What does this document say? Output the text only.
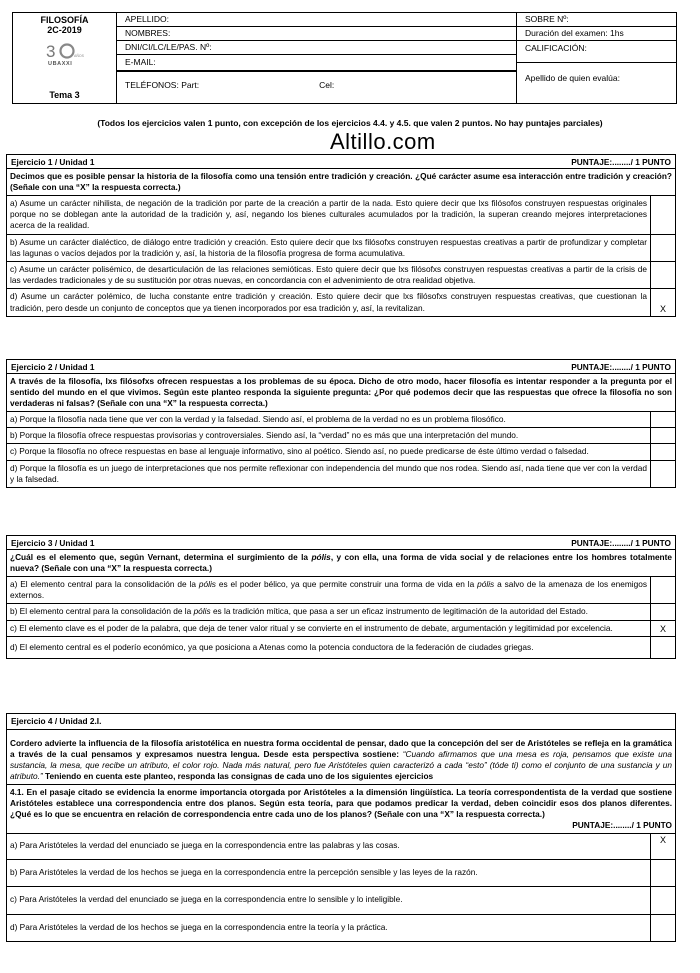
FILOSOFÍA
2C-2019
3	AÑOS
UBAXXI
Tema 3
APELLIDO:
NOMBRES:
DNI/CI/LC/LE/PAS. Nº:
E-MAIL:
TELÉFONOS: Part:	Cel:
SOBRE Nº:
Duración del examen: 1hs
CALIFICACIÓN:
Apellido de quien evalúa:
(Todos los ejercicios valen 1 punto, con excepción de los ejercicios 4.4. y 4.5. que valen 2 puntos. No hay puntajes parciales)
Altillo.com
Ejercicio 1 / Unidad 1	PUNTAJE:......../ 1 PUNTO
Decimos que es posible pensar la historia de la filosofía como una tensión entre tradición y creación. ¿Qué carácter asume esa interacción entre tradición y creación? (Señale con una “X” la respuesta correcta.)
a) Asume un carácter nihilista, de negación de la tradición por parte de la creación a partir de la nada. Esto quiere decir que lxs filósofos construyen respuestas originales porque no se doblegan ante la autoridad de la tradición y, así, negando los bienes culturales acumulados por la tradición, la superan creando mejores interpretaciones acerca de la realidad.
b) Asume un carácter dialéctico, de diálogo entre tradición y creación. Esto quiere decir que lxs filósofxs construyen respuestas creativas a partir de profundizar y completar las lagunas o vacíos dejados por la tradición y, así, la historia de la filosofía progresa de forma acumulativa.
c) Asume un carácter polisémico, de desarticulación de las relaciones semióticas. Esto quiere decir que lxs filósofxs construyen respuestas creativas a partir de la crisis de las verdades tradicionales y de su sustitución por otras nuevas, en concordancia con el advenimiento de otra realidad objetiva.
d) Asume un carácter polémico, de lucha constante entre tradición y creación. Esto quiere decir que lxs filósofxs construyen respuestas creativas, que cuestionan la tradición, pero desde un conjunto de conceptos que ya tienen incorporados por esa tradición y, así, la revitalizan.	X
Ejercicio 2 / Unidad 1	PUNTAJE:......../ 1 PUNTO
A través de la filosofía, lxs filósofxs ofrecen respuestas a los problemas de su época. Dicho de otro modo, hacer filosofía es intentar responder a la pregunta por el sentido del mundo en el que vivimos. Según este planteo responda la siguiente pregunta: ¿Por qué podemos decir que las respuestas que ofrece la filosofía no son verdaderas ni falsas? (Señale con una “X” la respuesta correcta.)
a) Porque la filosofía nada tiene que ver con la verdad y la falsedad. Siendo así, el problema de la verdad no es un problema filosófico.
b) Porque la filosofía ofrece respuestas provisorias y controversiales. Siendo así, la “verdad” no es más que una interpretación del mundo.
c) Porque la filosofía no ofrece respuestas en base al lenguaje informativo, sino al poético. Siendo así, no puede predicarse de éste último verdad o falsedad.
d) Porque la filosofía es un juego de interpretaciones que nos permite reflexionar con independencia del mundo que nos rodea. Siendo así, nada tiene que ver con la verdad y la falsedad.
Ejercicio 3 / Unidad 1	PUNTAJE:......../ 1 PUNTO
¿Cuál es el elemento que, según Vernant, determina el surgimiento de la pólis, y con ella, una forma de vida social y de relaciones entre los hombres totalmente nueva? (Señale con una “X” la respuesta correcta.)
a) El elemento central para la consolidación de la pólis es el poder bélico, ya que permite construir una forma de vida en la pólis a salvo de la amenaza de los enemigos externos.
b) El elemento central para la consolidación de la pólis es la tradición mítica, que pasa a ser un eficaz instrumento de legitimación de la autoridad del Estado.
c) El elemento clave es el poder de la palabra, que deja de tener valor ritual y se convierte en el instrumento de debate, argumentación y legitimidad por excelencia.	X
d) El elemento central es el poderío económico, ya que posiciona a Atenas como la potencia conductora de la federación de ciudades griegas.
Ejercicio 4 / Unidad 2.I.
Cordero advierte la influencia de la filosofía aristotélica en nuestra forma occidental de pensar, dado que la concepción del ser de Aristóteles se refleja en la gramática a través de la cual pensamos y expresamos nuestra lengua. Desde esta perspectiva sostiene: “Cuando afirmamos que una mesa es roja, pensamos que existe una sustancia, la mesa, que recibe un atributo, el color rojo. Nada más natural, pero fue Aristóteles quien caracterizó a cada “esto” (tóde ti) como el conjunto de una sustancia y un atributo.” Teniendo en cuenta este planteo, responda las consignas de cada uno de los siguientes ejercicios
4.1. En el pasaje citado se evidencia la enorme importancia otorgada por Aristóteles a la dimensión lingüística. La teoría correspondentista de la verdad que sostiene Aristóteles establece una correspondencia entre dos planos. Según esta teoría, para que podamos predicar la verdad, deben coincidir esos dos planos diferentes. ¿Qué es lo que se encuentra en relación de correspondencia entre cada uno de los planos? (Señale con una “X” la respuesta correcta.)
PUNTAJE:......../ 1 PUNTO
a) Para Aristóteles la verdad del enunciado se juega en la correspondencia entre las palabras y las cosas.	X
b) Para Aristóteles la verdad de los hechos se juega en la correspondencia entre la percepción sensible y las leyes de la razón.
c) Para Aristóteles la verdad del enunciado se juega en la correspondencia entre lo sensible y lo inteligible.
d) Para Aristóteles la verdad de los hechos se juega en la correspondencia entre la teoría y la práctica.
